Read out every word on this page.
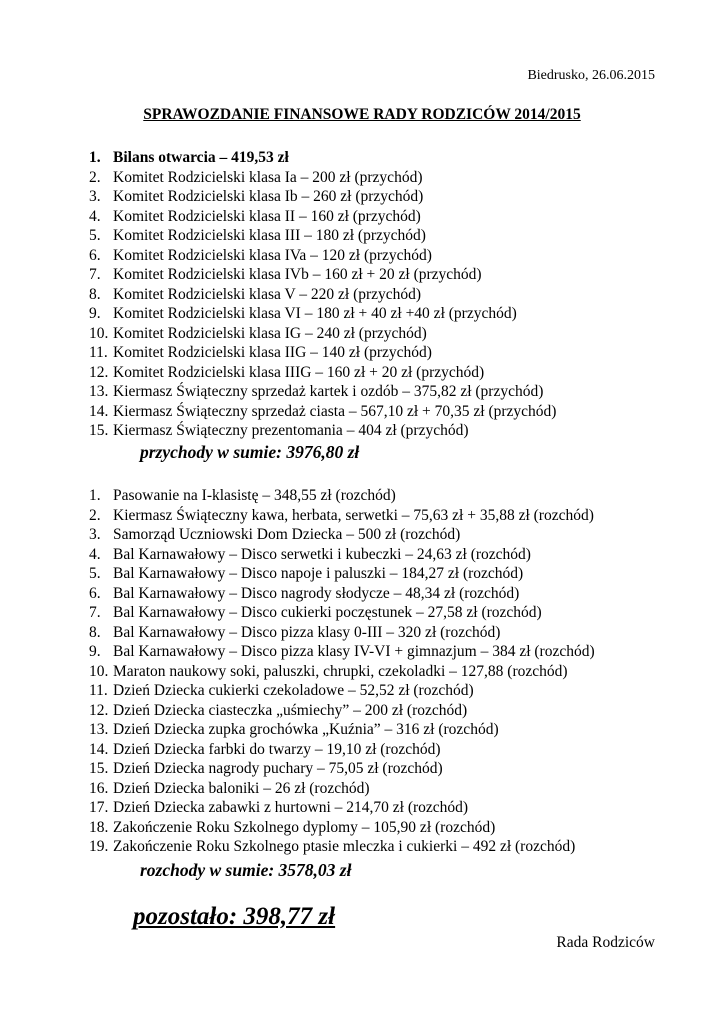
Biedrusko, 26.06.2015
SPRAWOZDANIE FINANSOWE RADY RODZICÓW 2014/2015
1. Bilans otwarcia – 419,53 zł
2. Komitet Rodzicielski klasa Ia – 200 zł (przychód)
3. Komitet Rodzicielski klasa Ib – 260 zł (przychód)
4. Komitet Rodzicielski klasa II – 160 zł (przychód)
5. Komitet Rodzicielski klasa III – 180 zł (przychód)
6. Komitet Rodzicielski klasa IVa – 120 zł (przychód)
7. Komitet Rodzicielski klasa IVb – 160 zł + 20 zł (przychód)
8. Komitet Rodzicielski klasa V – 220 zł (przychód)
9. Komitet Rodzicielski klasa VI – 180 zł + 40 zł +40 zł (przychód)
10. Komitet Rodzicielski klasa IG – 240 zł (przychód)
11. Komitet Rodzicielski klasa IIG – 140 zł (przychód)
12. Komitet Rodzicielski klasa IIIG – 160 zł + 20 zł (przychód)
13. Kiermasz Świąteczny sprzedaż kartek i ozdób – 375,82 zł (przychód)
14. Kiermasz Świąteczny sprzedaż ciasta – 567,10 zł + 70,35 zł (przychód)
15. Kiermasz Świąteczny prezentomania – 404 zł (przychód)
przychody w sumie: 3976,80 zł
1. Pasowanie na I-klasistę – 348,55 zł (rozchód)
2. Kiermasz Świąteczny kawa, herbata, serwetki – 75,63 zł + 35,88 zł (rozchód)
3. Samorząd Uczniowski Dom Dziecka – 500 zł (rozchód)
4. Bal Karnawałowy – Disco serwetki i kubeczki – 24,63 zł (rozchód)
5. Bal Karnawałowy – Disco napoje i paluszki – 184,27 zł (rozchód)
6. Bal Karnawałowy – Disco nagrody słodycze – 48,34 zł (rozchód)
7. Bal Karnawałowy – Disco cukierki poczęstunek – 27,58 zł (rozchód)
8. Bal Karnawałowy – Disco pizza klasy 0-III – 320 zł (rozchód)
9. Bal Karnawałowy – Disco pizza klasy IV-VI + gimnazjum – 384 zł (rozchód)
10. Maraton naukowy soki, paluszki, chrupki, czekoladki – 127,88 (rozchód)
11. Dzień Dziecka cukierki czekoladowe – 52,52 zł (rozchód)
12. Dzień Dziecka ciasteczka „uśmiechy” – 200 zł (rozchód)
13. Dzień Dziecka zupka grochówka „Kuźnia” – 316 zł (rozchód)
14. Dzień Dziecka farbki do twarzy – 19,10 zł (rozchód)
15. Dzień Dziecka nagrody puchary – 75,05 zł (rozchód)
16. Dzień Dziecka baloniki – 26 zł (rozchód)
17. Dzień Dziecka zabawki z hurtowni – 214,70 zł (rozchód)
18. Zakończenie Roku Szkolnego dyplomy – 105,90 zł (rozchód)
19. Zakończenie Roku Szkolnego ptasie mleczka i cukierki – 492 zł (rozchód)
rozchody w sumie: 3578,03 zł
pozostało: 398,77 zł
Rada Rodziców
